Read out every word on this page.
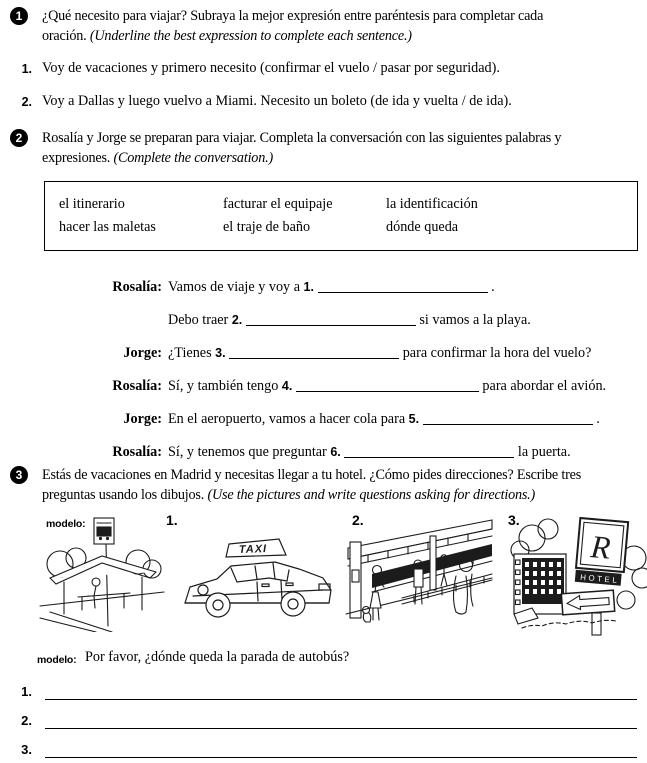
1	¿Qué necesito para viajar? Subraya la mejor expresión entre paréntesis para completar cada oración. (Underline the best expression to complete each sentence.)
1. Voy de vacaciones y primero necesito (confirmar el vuelo / pasar por seguridad).
2. Voy a Dallas y luego vuelvo a Miami. Necesito un boleto (de ida y vuelta / de ida).
2	Rosalía y Jorge se preparan para viajar. Completa la conversación con las siguientes palabras y expresiones. (Complete the conversation.)
el itinerario	facturar el equipaje	la identificación
hacer las maletas	el traje de baño	dónde queda
Rosalía: Vamos de viaje y voy a 1.	.
Debo traer 2.	si vamos a la playa.
Jorge: ¿Tienes 3.	para confirmar la hora del vuelo?
Rosalía: Sí, y también tengo 4.	para abordar el avión.
Jorge: En el aeropuerto, vamos a hacer cola para 5.	.
Rosalía: Sí, y tenemos que preguntar 6.	la puerta.
3	Estás de vacaciones en Madrid y necesitas llegar a tu hotel. ¿Cómo pides direcciones? Escribe tres preguntas usando los dibujos. (Use the pictures and write questions asking for directions.)
modelo:	1.	2.	3.
TAXI	R
HOTEL
modelo: Por favor, ¿dónde queda la parada de autobús?
1.
2.
3.
